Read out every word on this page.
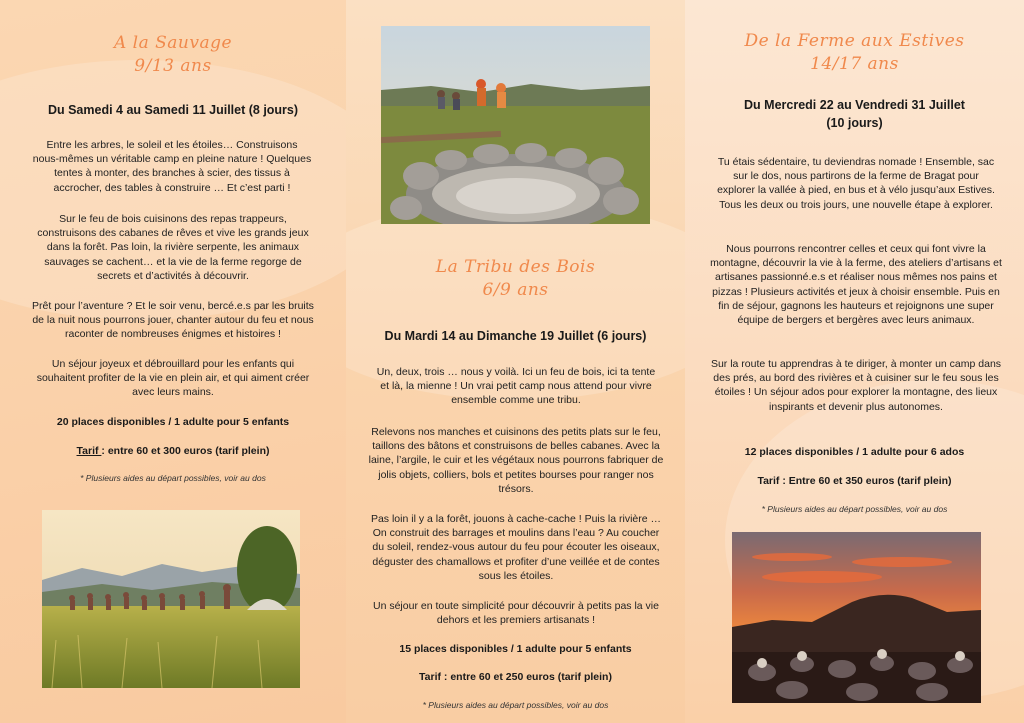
A la Sauvage
9/13 ans
Du Samedi 4 au Samedi 11 Juillet (8 jours)

Entre les arbres, le soleil et les étoiles… Construisons nous-mêmes un véritable camp en pleine nature ! Quelques tentes à monter, des branches à scier, des tissus à accrocher, des tables à construire … Et c’est parti !

Sur le feu de bois cuisinons des repas trappeurs, construisons des cabanes de rêves et vive les grands jeux dans la forêt. Pas loin, la rivière serpente, les animaux sauvages se cachent… et la vie de la ferme regorge de secrets et d’activités à découvrir.

Prêt pour l’aventure ? Et le soir venu, bercé.e.s par les bruits de la nuit nous pourrons jouer, chanter autour du feu et nous raconter de nombreuses énigmes et histoires !

Un séjour joyeux et débrouillard pour les enfants qui souhaitent profiter de la vie en plein air, et qui aiment créer avec leurs mains.

20 places disponibles / 1 adulte pour 5 enfants
Tarif : entre 60 et 300 euros (tarif plein)
* Plusieurs aides au départ possibles, voir au dos
La Tribu des Bois
6/9 ans
Du Mardi 14 au Dimanche 19 Juillet (6 jours)

Un, deux, trois … nous y voilà. Ici un feu de bois, ici ta tente et là, la mienne ! Un vrai petit camp nous attend pour vivre ensemble comme une tribu.

Relevons nos manches et cuisinons des petits plats sur le feu, taillons des bâtons et construisons de belles cabanes. Avec la laine, l’argile, le cuir et les végétaux nous pourrons fabriquer de jolis objets, colliers, bols et petites bourses pour ranger nos trésors.

Pas loin il y a la forêt, jouons à cache-cache ! Puis la rivière … On construit des barrages et moulins dans l’eau ? Au coucher du soleil, rendez-vous autour du feu pour écouter les oiseaux, déguster des chamallows et profiter d’une veillée et de contes sous les étoiles.

Un séjour en toute simplicité pour découvrir à petits pas la vie dehors et les premiers artisanats !

15 places disponibles / 1 adulte pour 5 enfants
Tarif : entre 60 et 250 euros (tarif plein)
* Plusieurs aides au départ possibles, voir au dos
De la Ferme aux Estives
14/17 ans
Du Mercredi 22 au Vendredi 31 Juillet
(10 jours)

Tu étais sédentaire, tu deviendras nomade ! Ensemble, sac sur le dos, nous partirons de la ferme de Bragat pour explorer la vallée à pied, en bus et à vélo jusqu’aux Estives. Tous les deux ou trois jours, une nouvelle étape à explorer.

Nous pourrons rencontrer celles et ceux qui font vivre la montagne, découvrir la vie à la ferme, des ateliers d’artisans et artisanes passionné.e.s et réaliser nous mêmes nos pains et pizzas ! Plusieurs activités et jeux à choisir ensemble. Puis en fin de séjour, gagnons les hauteurs et rejoignons une super équipe de bergers et bergères avec leurs animaux.

Sur la route tu apprendras à te diriger, à monter un camp dans des prés, au bord des rivières et à cuisiner sur le feu sous les étoiles ! Un séjour ados pour explorer la montagne, des lieux inspirants et devenir plus autonomes.

12 places disponibles / 1 adulte pour 6 ados
Tarif : Entre 60 et 350 euros (tarif plein)
* Plusieurs aides au départ possibles, voir au dos
